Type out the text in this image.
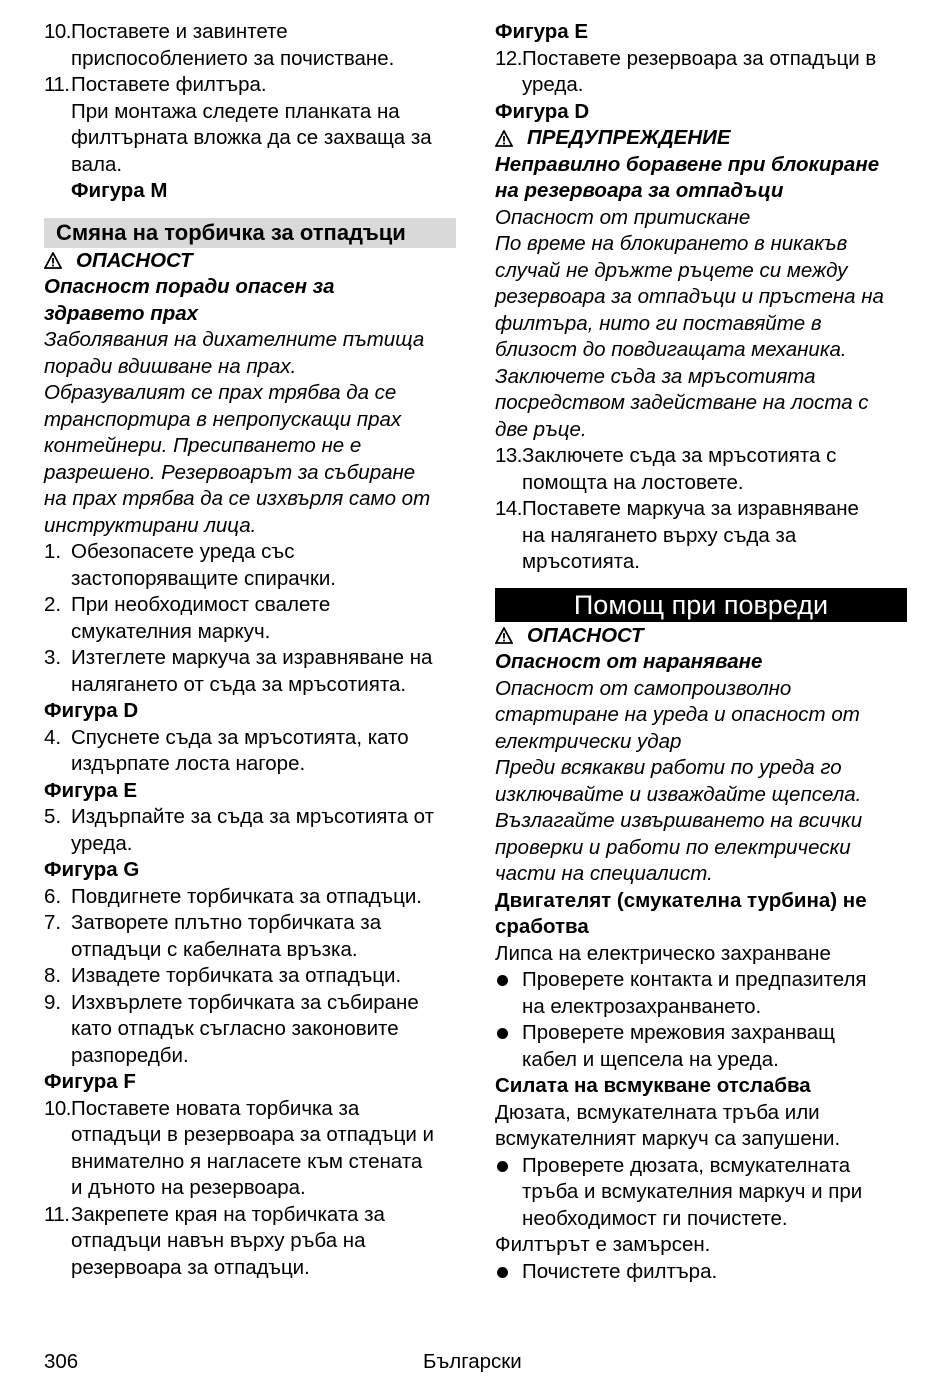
10. Поставете и завинтете
приспособлението за почистване.
11. Поставете филтъра.
При монтажа следете планката на
филтърната вложка да се захваща за
вала.
Фигура M
Смяна на торбичка за отпадъци
ОПАСНОСТ
Опасност поради опасен за
здравето прах
Заболявания на дихателните пътища
поради вдишване на прах.
Образувалият се прах трябва да се
транспортира в непропускащи прах
контейнери. Пресипването не е
разрешено. Резервоарът за събиране
на прах трябва да се изхвърля само от
инструктирани лица.
1. Обезопасете уреда със
застопоряващите спирачки.
2. При необходимост свалете
смукателния маркуч.
3. Изтеглете маркуча за изравняване на
налягането от съда за мръсотията.
Фигура D
4. Спуснете съда за мръсотията, като
издърпате лоста нагоре.
Фигура E
5. Издърпайте за съда за мръсотията от
уреда.
Фигура G
6. Повдигнете торбичката за отпадъци.
7. Затворете плътно торбичката за
отпадъци с кабелната връзка.
8. Извадете торбичката за отпадъци.
9. Изхвърлете торбичката за събиране
като отпадък съгласно законовите
разпоредби.
Фигура F
10. Поставете новата торбичка за
отпадъци в резервоара за отпадъци и
внимателно я нагласете към стената
и дъното на резервоара.
11. Закрепете края на торбичката за
отпадъци навън върху ръба на
резервоара за отпадъци.
Фигура E
12. Поставете резервоара за отпадъци в
уреда.
Фигура D
ПРЕДУПРЕЖДЕНИЕ
Неправилно боравене при блокиране
на резервоара за отпадъци
Опасност от притискане
По време на блокирането в никакъв
случай не дръжте ръцете си между
резервоара за отпадъци и пръстена на
филтъра, нито ги поставяйте в
близост до повдигащата механика.
Заключете съда за мръсотията
посредством задействане на лоста с
две ръце.
13. Заключете съда за мръсотията с
помощта на лостовете.
14. Поставете маркуча за изравняване
на налягането върху съда за
мръсотията.
Помощ при повреди
ОПАСНОСТ
Опасност от нараняване
Опасност от самопроизволно
стартиране на уреда и опасност от
електрически удар
Преди всякакви работи по уреда го
изключвайте и изваждайте щепсела.
Възлагайте извършването на всички
проверки и работи по електрически
части на специалист.
Двигателят (смукателна турбина) не
сработва
Липса на електрическо захранване
Проверете контакта и предпазителя
на електрозахранването.
Проверете мрежовия захранващ
кабел и щепсела на уреда.
Силата на всмукване отслабва
Дюзата, всмукателната тръба или
всмукателният маркуч са запушени.
Проверете дюзата, всмукателната
тръба и всмукателния маркуч и при
необходимост ги почистете.
Филтърът е замърсен.
Почистете филтъра.
306	Български
